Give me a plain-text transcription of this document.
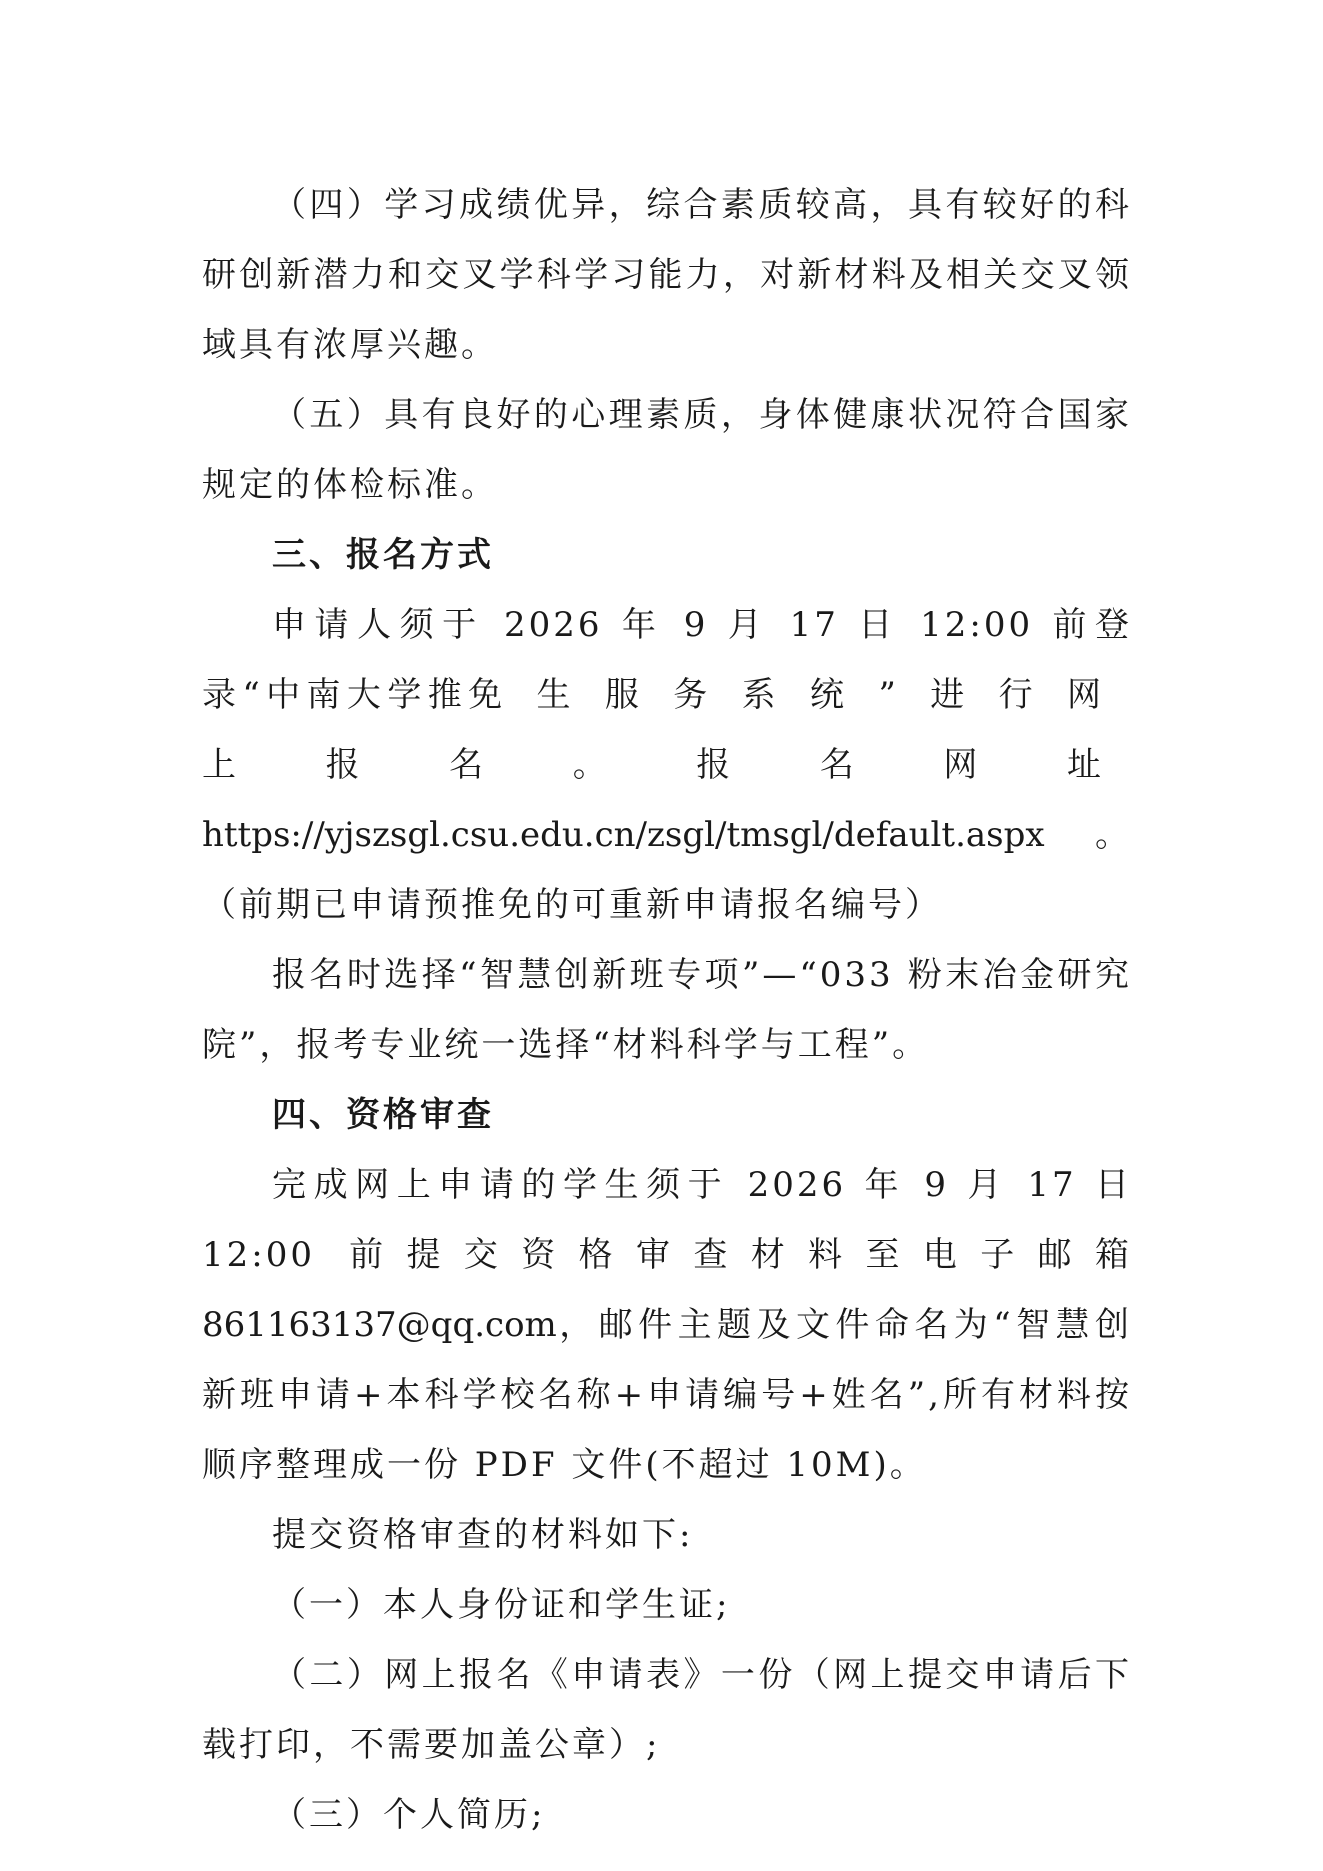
（四）学习成绩优异，综合素质较高，具有较好的科研创新潜力和交叉学科学习能力，对新材料及相关交叉领域具有浓厚兴趣。

（五）具有良好的心理素质，身体健康状况符合国家规定的体检标准。

三、报名方式

申请人须于 2026 年 9 月 17 日 12:00 前登录“中南大学推免生服务系统”进行网上报名。报名网址https://yjszsgl.csu.edu.cn/zsgl/tmsgl/default.aspx。（前期已申请预推免的可重新申请报名编号）

报名时选择“智慧创新班专项”—“033 粉末冶金研究院”，报考专业统一选择“材料科学与工程”。

四、资格审查

完成网上申请的学生须于 2026 年 9 月 17 日 12:00 前提交资格审查材料至电子邮箱 861163137@qq.com，邮件主题及文件命名为“智慧创新班申请+本科学校名称+申请编号+姓名”,所有材料按顺序整理成一份 PDF 文件(不超过 10M)。

提交资格审查的材料如下:

（一）本人身份证和学生证;

（二）网上报名《申请表》一份（网上提交申请后下载打印，不需要加盖公章）;

（三）个人简历;
